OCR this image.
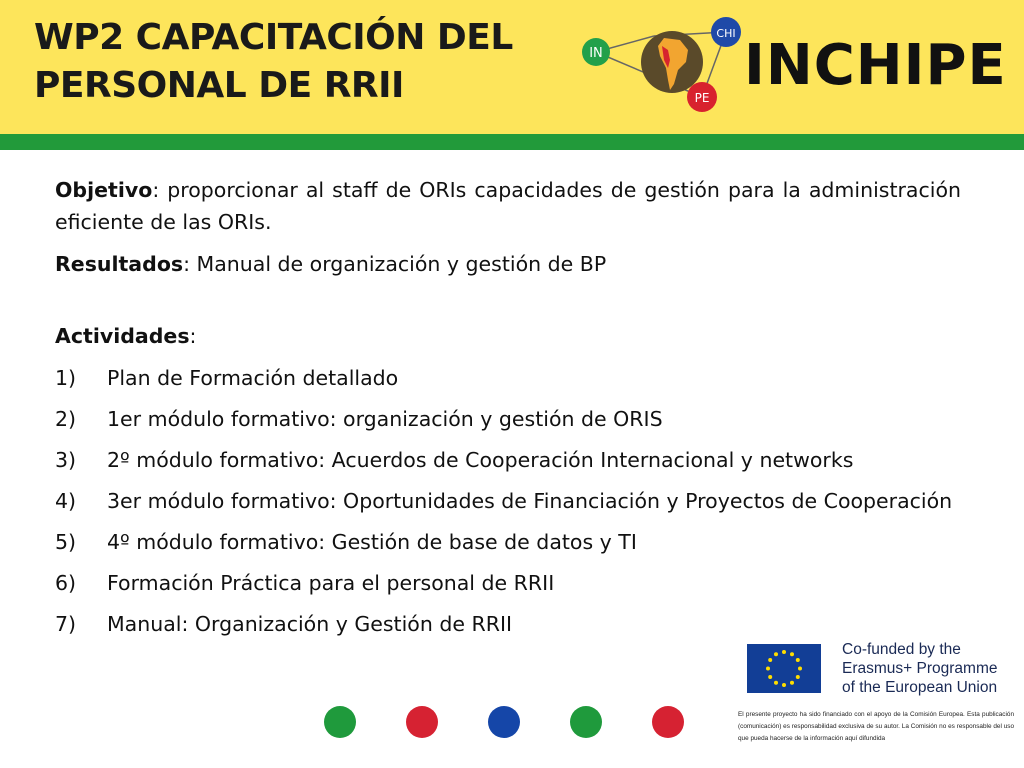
WP2 CAPACITACIÓN DEL
PERSONAL DE RRII
IN
CHI
PE INCHIPE

Objetivo: proporcionar al staff de ORIs capacidades de gestión para la administración eficiente de las ORIs.

Resultados: Manual de organización y gestión de BP

Actividades:

1) Plan de Formación detallado
2) 1er módulo formativo: organización y gestión de ORIS
3) 2º módulo formativo: Acuerdos de Cooperación Internacional y networks
4) 3er módulo formativo: Oportunidades de Financiación y Proyectos de Cooperación
5) 4º módulo formativo: Gestión de base de datos y TI
6) Formación Práctica para el personal de RRII
7) Manual: Organización y Gestión de RRII
Co-funded by the
Erasmus+ Programme
of the European Union
El presente proyecto ha sido financiado con el apoyo de la Comisión Europea. Esta publicación (comunicación) es responsabilidad exclusiva de su autor. La Comisión no es responsable del uso que pueda hacerse de la información aquí difundida
